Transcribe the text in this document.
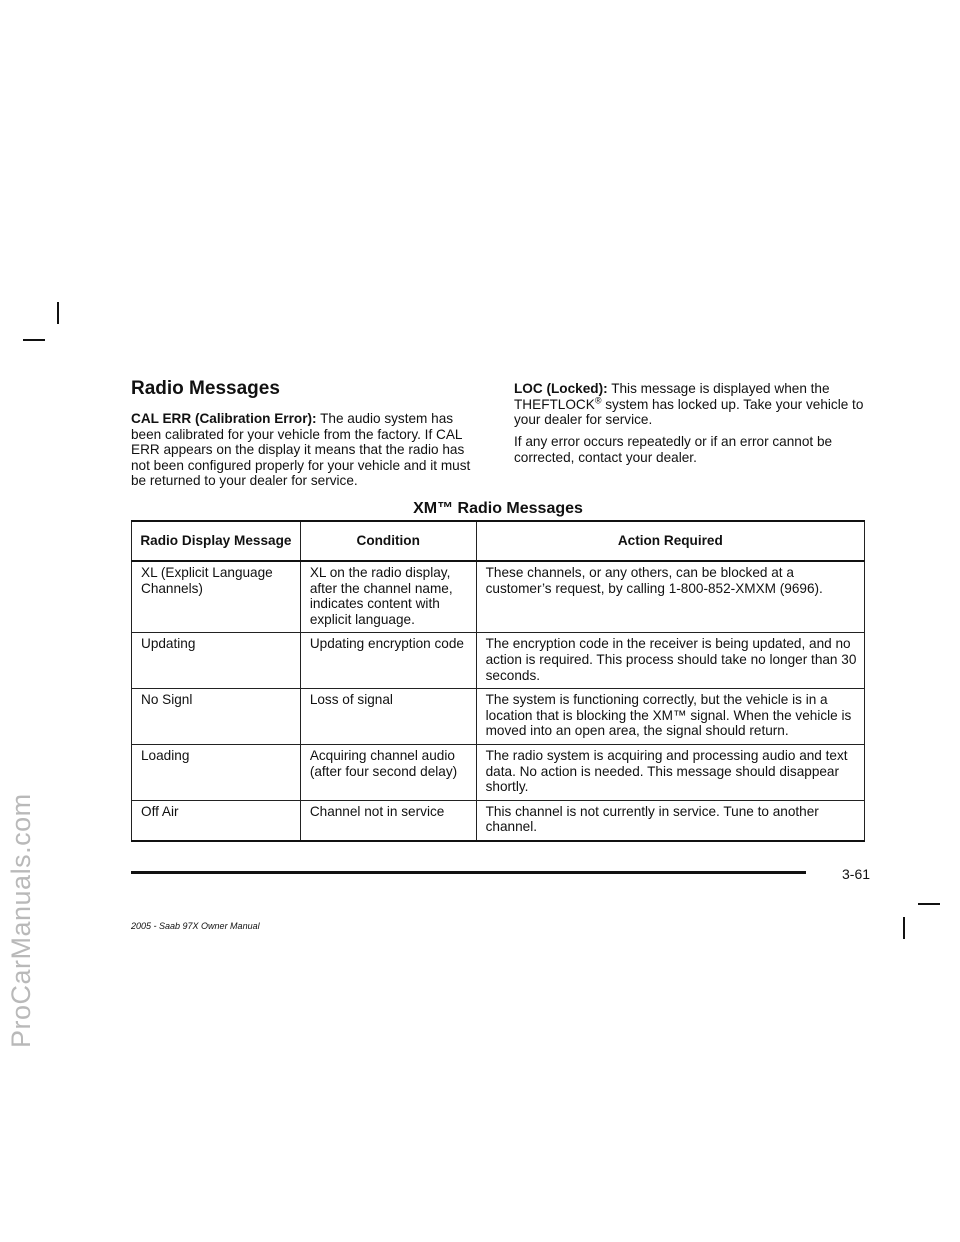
ProCarManuals.com
Radio Messages

CAL ERR (Calibration Error): The audio system has been calibrated for your vehicle from the factory. If CAL ERR appears on the display it means that the radio has not been configured properly for your vehicle and it must be returned to your dealer for service.

LOC (Locked): This message is displayed when the THEFTLOCK® system has locked up. Take your vehicle to your dealer for service.

If any error occurs repeatedly or if an error cannot be corrected, contact your dealer.

XM™ Radio Messages
Radio Display Message	Condition	Action Required
XL (Explicit Language Channels)	XL on the radio display, after the channel name, indicates content with explicit language.	These channels, or any others, can be blocked at a customer’s request, by calling 1-800-852-XMXM (9696).
Updating	Updating encryption code	The encryption code in the receiver is being updated, and no action is required. This process should take no longer than 30 seconds.
No Signl	Loss of signal	The system is functioning correctly, but the vehicle is in a location that is blocking the XM™ signal. When the vehicle is moved into an open area, the signal should return.
Loading	Acquiring channel audio (after four second delay)	The radio system is acquiring and processing audio and text data. No action is needed. This message should disappear shortly.
Off Air	Channel not in service	This channel is not currently in service. Tune to another channel.

3-61

2005 - Saab 97X Owner Manual
